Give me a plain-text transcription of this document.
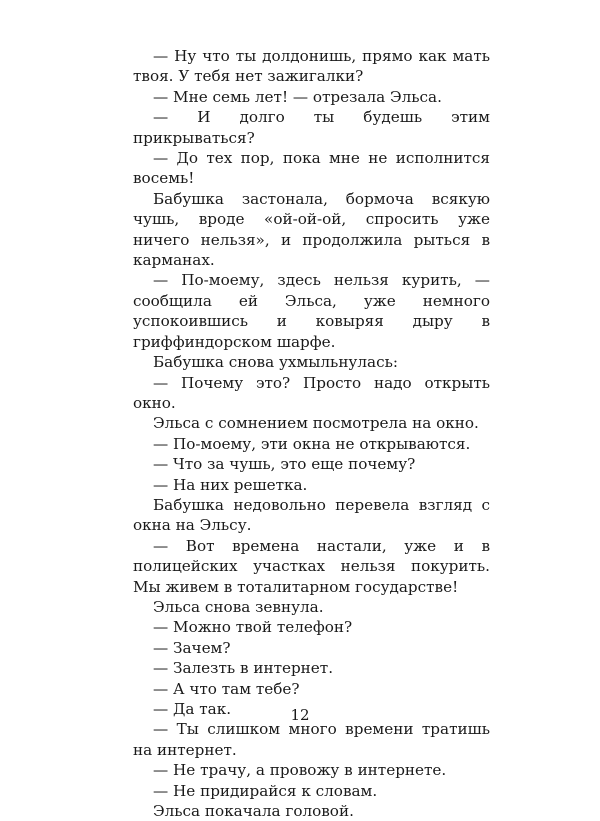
— Ну что ты долдонишь, прямо как мать твоя. У тебя нет зажигалки?

— Мне семь лет! — отрезала Эльса.

— И долго ты будешь этим прикрываться?

— До тех пор, пока мне не исполнится восемь!

Бабушка застонала, бормоча всякую чушь, вроде «ой-ой-ой, спросить уже ничего нельзя», и продолжила рыться в карманах.

— По-моему, здесь нельзя курить, — сообщила ей Эльса, уже немного успокоившись и ковыряя дыру в гриффиндорском шарфе.

Бабушка снова ухмыльнулась:

— Почему это? Просто надо открыть окно.

Эльса с сомнением посмотрела на окно.

— По-моему, эти окна не открываются.

— Что за чушь, это еще почему?

— На них решетка.

Бабушка недовольно перевела взгляд с окна на Эльсу.

— Вот времена настали, уже и в полицейских участках нельзя покурить. Мы живем в тоталитарном государстве!

Эльса снова зевнула.

— Можно твой телефон?

— Зачем?

— Залезть в интернет.

— А что там тебе?

— Да так.

— Ты слишком много времени тратишь на интернет.

— Не трачу, а провожу в интернете.

— Не придирайся к словам.

Эльса покачала головой.

12
